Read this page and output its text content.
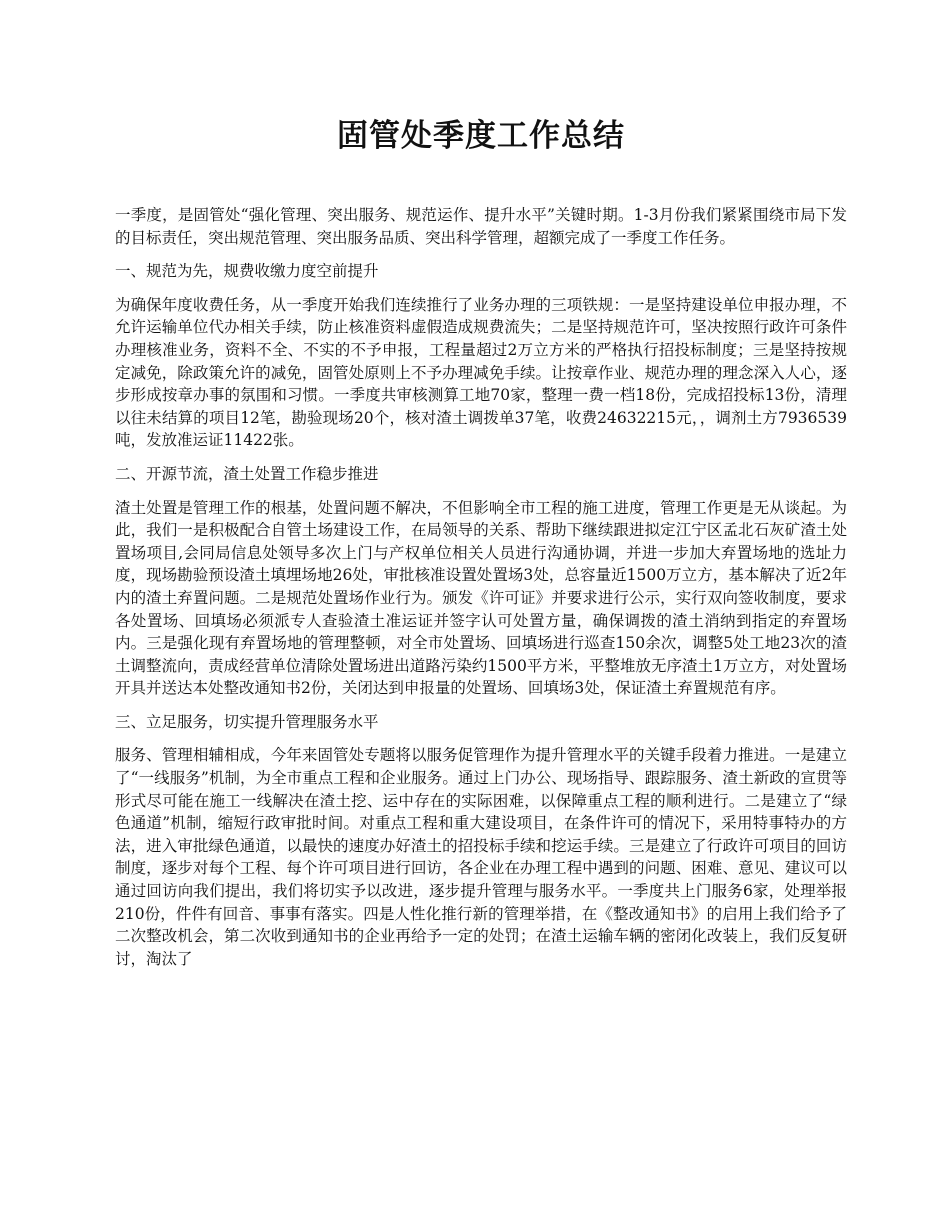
固管处季度工作总结

一季度，是固管处“强化管理、突出服务、规范运作、提升水平”关键时期。1-3月份我们紧紧围绕市局下发的目标责任，突出规范管理、突出服务品质、突出科学管理，超额完成了一季度工作任务。

一、规范为先，规费收缴力度空前提升

为确保年度收费任务，从一季度开始我们连续推行了业务办理的三项铁规：一是坚持建设单位申报办理，不允许运输单位代办相关手续，防止核准资料虚假造成规费流失；二是坚持规范许可，坚决按照行政许可条件办理核准业务，资料不全、不实的不予申报，工程量超过2万立方米的严格执行招投标制度；三是坚持按规定减免，除政策允许的减免，固管处原则上不予办理减免手续。让按章作业、规范办理的理念深入人心，逐步形成按章办事的氛围和习惯。一季度共审核测算工地70家，整理一费一档18份，完成招投标13份，清理以往未结算的项目12笔，勘验现场20个，核对渣土调拨单37笔，收费24632215元，，调剂土方7936539吨，发放准运证11422张。

二、开源节流，渣土处置工作稳步推进

渣土处置是管理工作的根基，处置问题不解决，不但影响全市工程的施工进度，管理工作更是无从谈起。为此，我们一是积极配合自管土场建设工作，在局领导的关系、帮助下继续跟进拟定江宁区孟北石灰矿渣土处置场项目,会同局信息处领导多次上门与产权单位相关人员进行沟通协调，并进一步加大弃置场地的选址力度，现场勘验预设渣土填埋场地26处，审批核准设置处置场3处，总容量近1500万立方，基本解决了近2年内的渣土弃置问题。二是规范处置场作业行为。颁发《许可证》并要求进行公示，实行双向签收制度，要求各处置场、回填场必须派专人查验渣土准运证并签字认可处置方量，确保调拨的渣土消纳到指定的弃置场内。三是强化现有弃置场地的管理整顿，对全市处置场、回填场进行巡查150余次，调整5处工地23次的渣土调整流向，责成经营单位清除处置场进出道路污染约1500平方米，平整堆放无序渣土1万立方，对处置场开具并送达本处整改通知书2份，关闭达到申报量的处置场、回填场3处，保证渣土弃置规范有序。

三、立足服务，切实提升管理服务水平

服务、管理相辅相成，今年来固管处专题将以服务促管理作为提升管理水平的关键手段着力推进。一是建立了“一线服务”机制，为全市重点工程和企业服务。通过上门办公、现场指导、跟踪服务、渣土新政的宣贯等形式尽可能在施工一线解决在渣土挖、运中存在的实际困难，以保障重点工程的顺利进行。二是建立了“绿色通道”机制，缩短行政审批时间。对重点工程和重大建设项目，在条件许可的情况下，采用特事特办的方法，进入审批绿色通道，以最快的速度办好渣土的招投标手续和挖运手续。三是建立了行政许可项目的回访制度，逐步对每个工程、每个许可项目进行回访，各企业在办理工程中遇到的问题、困难、意见、建议可以通过回访向我们提出，我们将切实予以改进，逐步提升管理与服务水平。一季度共上门服务6家，处理举报210份，件件有回音、事事有落实。四是人性化推行新的管理举措，在《整改通知书》的启用上我们给予了二次整改机会，第二次收到通知书的企业再给予一定的处罚；在渣土运输车辆的密闭化改装上，我们反复研讨，淘汰了
